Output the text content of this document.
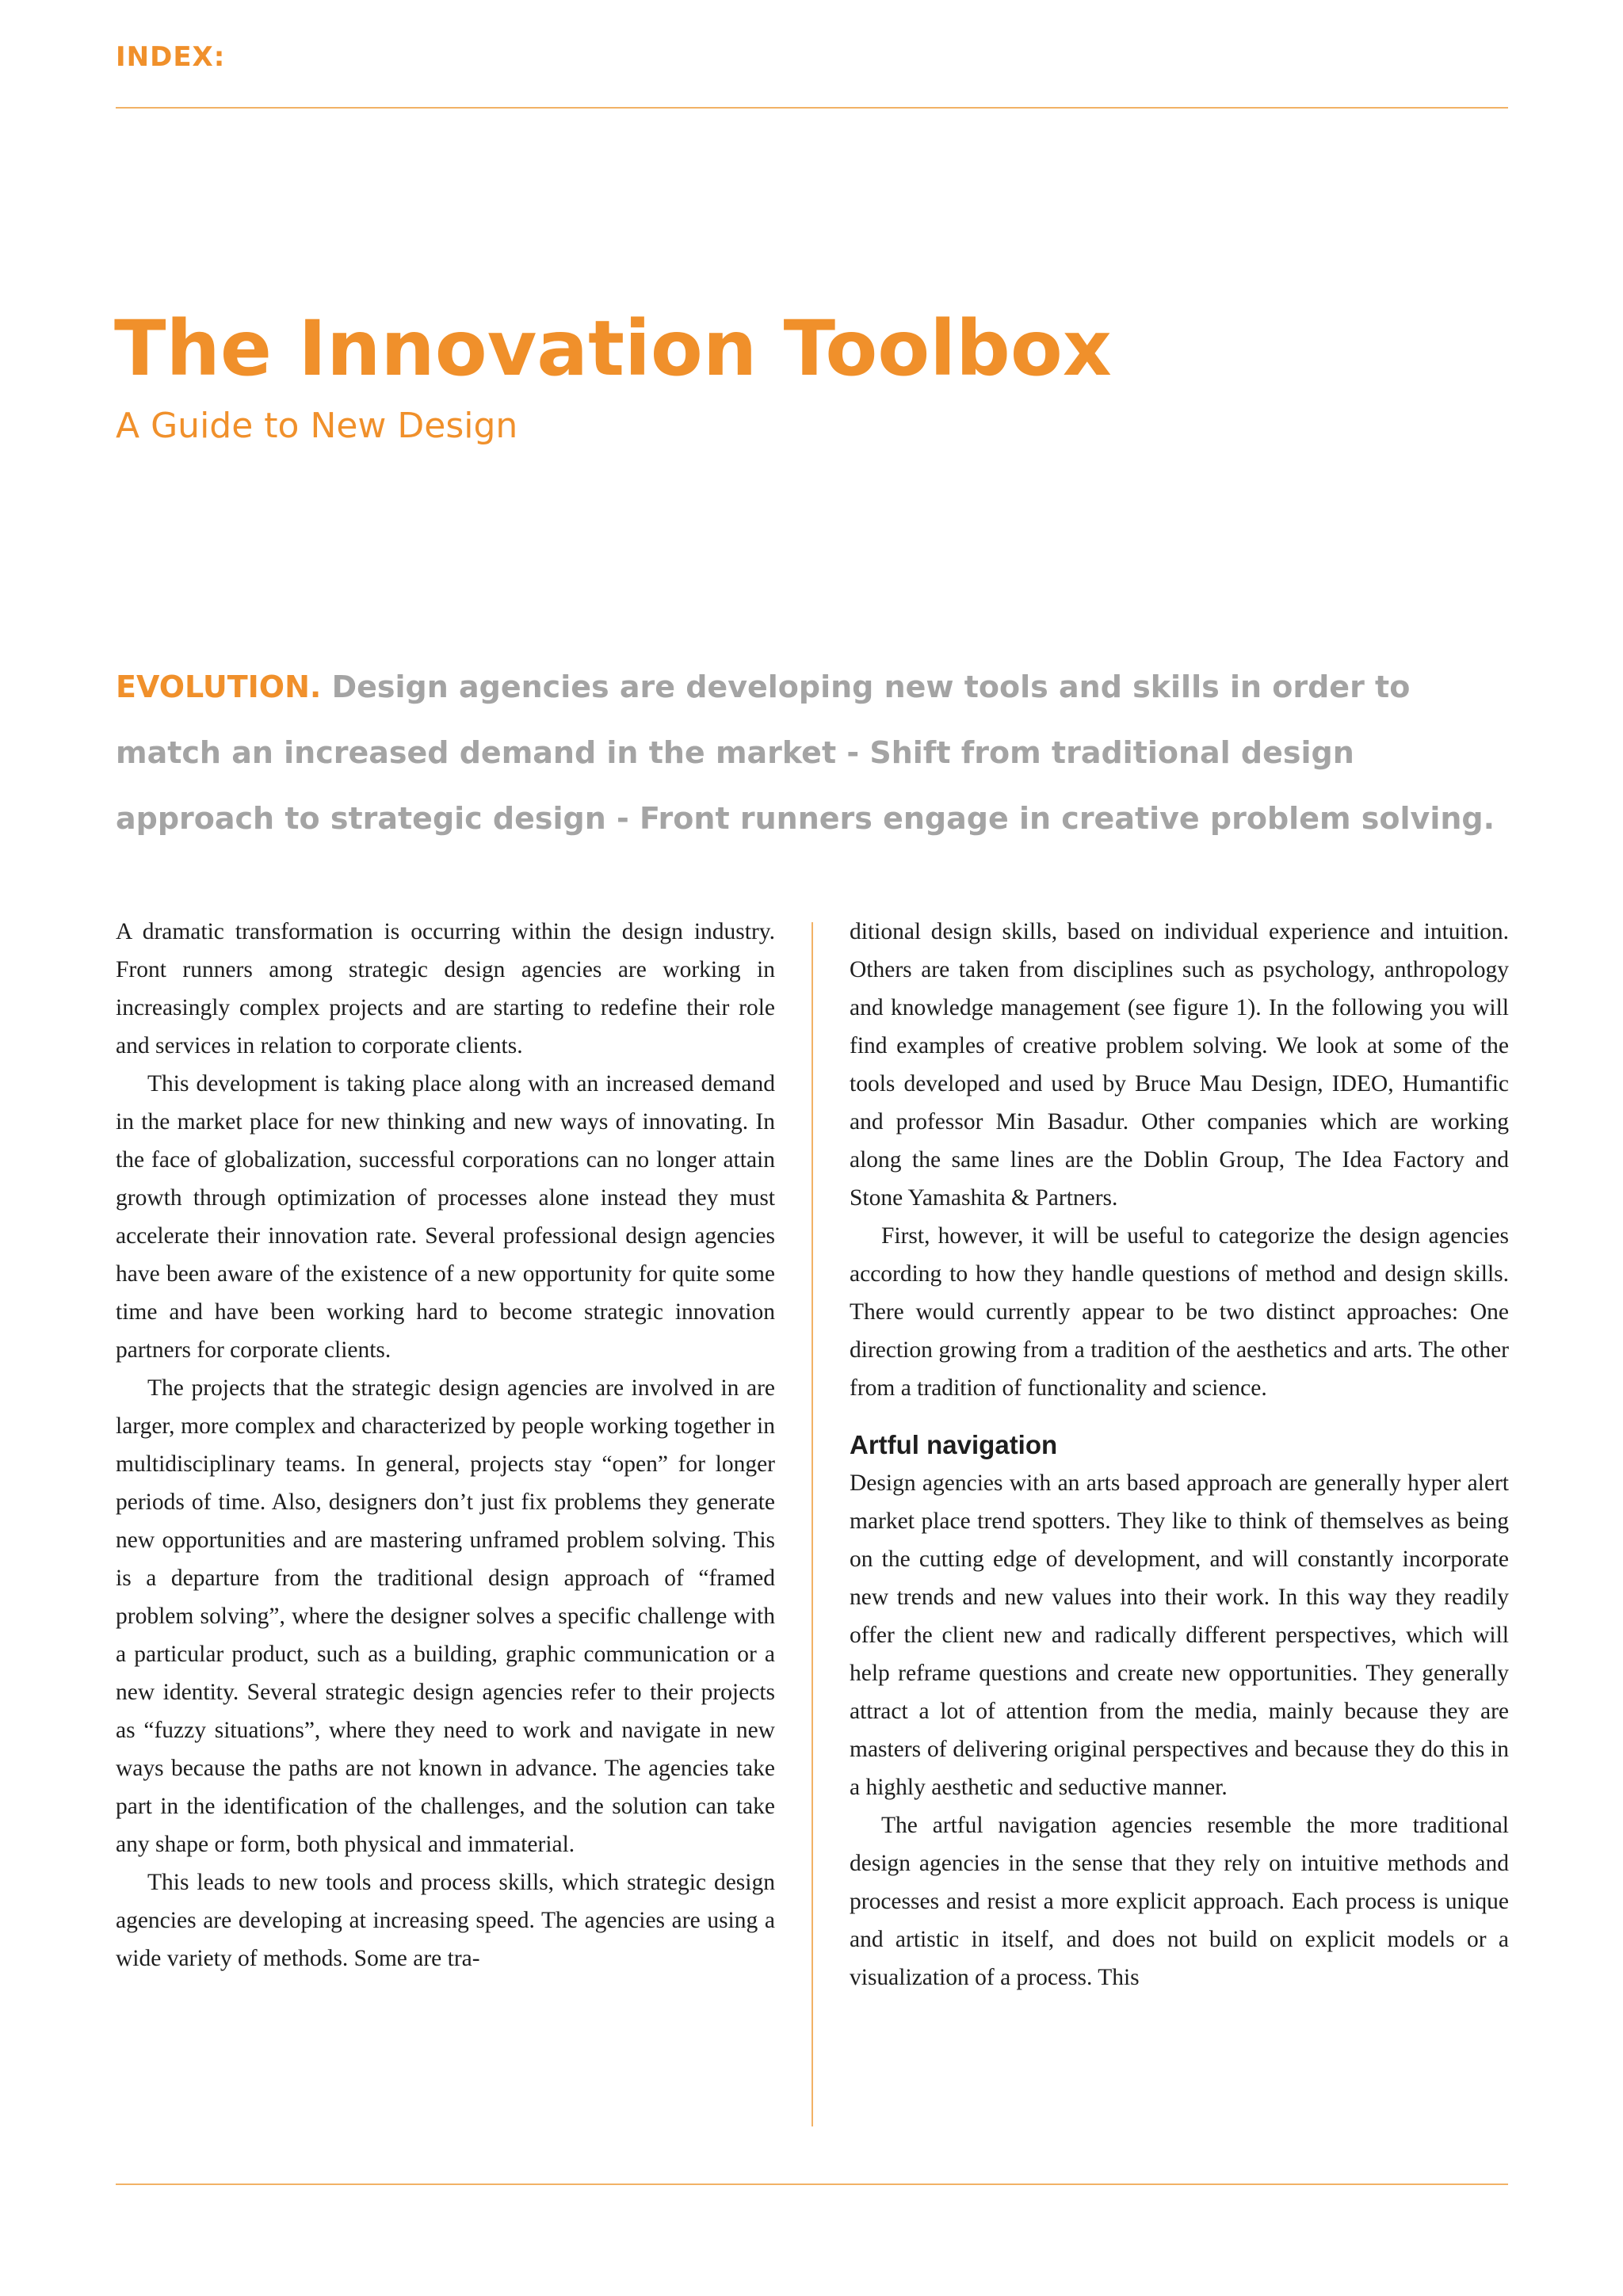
INDEX:
The Innovation Toolbox
A Guide to New Design

EVOLUTION. Design agencies are developing new tools and skills in order to match an increased demand in the market - Shift from traditional design approach to strategic design - Front runners engage in creative problem solving.

A dramatic transformation is occurring within the design industry. Front runners among strategic design agencies are working in increasingly complex projects and are starting to redefine their role and services in relation to corporate clients.

This development is taking place along with an increased demand in the market place for new thinking and new ways of innovating. In the face of globalization, successful corporations can no longer attain growth through optimization of processes alone instead they must accelerate their innovation rate. Several professional design agencies have been aware of the existence of a new opportunity for quite some time and have been working hard to become strategic innovation partners for corporate clients.

The projects that the strategic design agencies are involved in are larger, more complex and characterized by people working together in multidisciplinary teams. In general, projects stay “open” for longer periods of time. Also, designers don’t just fix problems they generate new opportunities and are mastering unframed problem solving. This is a departure from the traditional design approach of “framed problem solving”, where the designer solves a specific challenge with a particular product, such as a building, graphic communication or a new identity. Several strategic design agencies refer to their projects as “fuzzy situations”, where they need to work and navigate in new ways because the paths are not known in advance. The agencies take part in the identification of the challenges, and the solution can take any shape or form, both physical and immaterial.

This leads to new tools and process skills, which strategic design agencies are developing at increasing speed. The agencies are using a wide variety of methods. Some are tra-

ditional design skills, based on individual experience and intuition. Others are taken from disciplines such as psychology, anthropology and knowledge management (see figure 1). In the following you will find examples of creative problem solving. We look at some of the tools developed and used by Bruce Mau Design, IDEO, Humantific and professor Min Basadur. Other companies which are working along the same lines are the Doblin Group, The Idea Factory and Stone Yamashita & Partners.

First, however, it will be useful to categorize the design agencies according to how they handle questions of method and design skills. There would currently appear to be two distinct approaches: One direction growing from a tradition of the aesthetics and arts. The other from a tradition of functionality and science.

Artful navigation

Design agencies with an arts based approach are generally hyper alert market place trend spotters. They like to think of themselves as being on the cutting edge of development, and will constantly incorporate new trends and new values into their work. In this way they readily offer the client new and radically different perspectives, which will help reframe questions and create new opportunities. They generally attract a lot of attention from the media, mainly because they are masters of delivering original perspectives and because they do this in a highly aesthetic and seductive manner.

The artful navigation agencies resemble the more traditional design agencies in the sense that they rely on intuitive methods and processes and resist a more explicit approach. Each process is unique and artistic in itself, and does not build on explicit models or a visualization of a process. This
